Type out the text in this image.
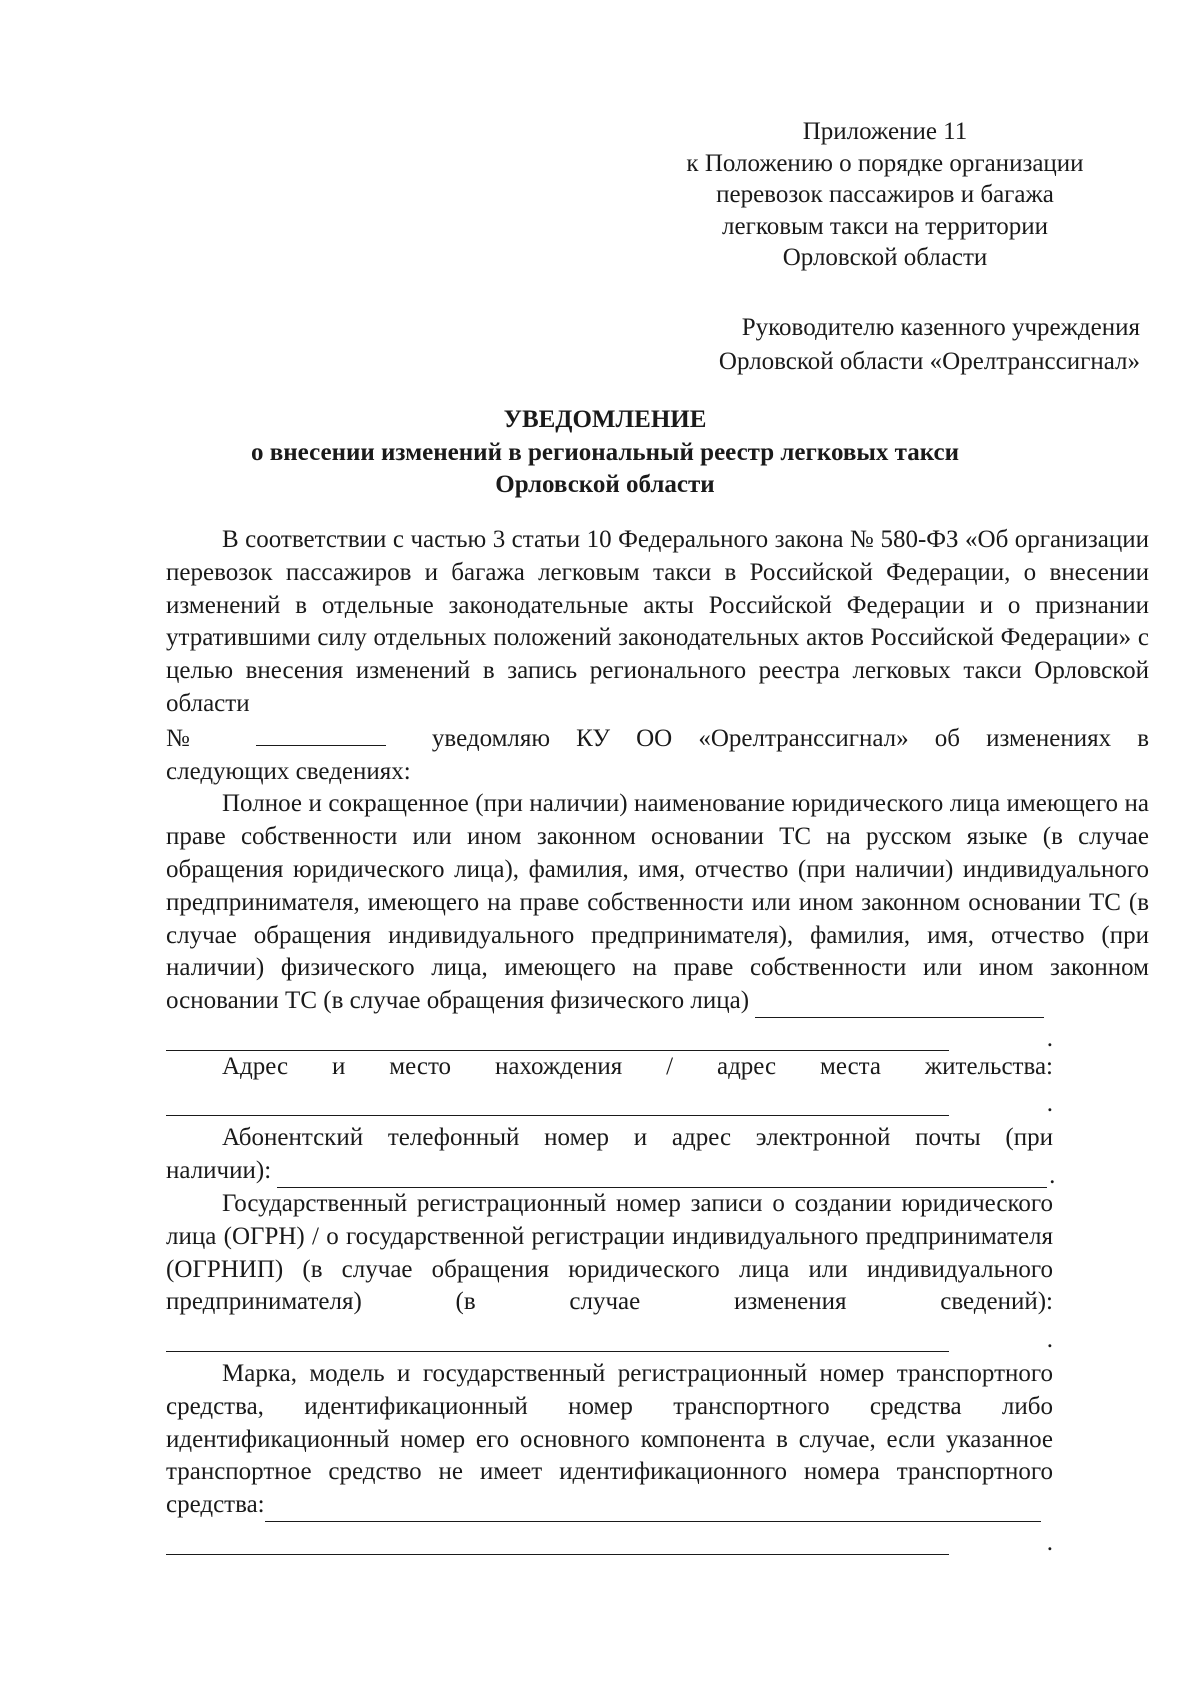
Приложение 11
к Положению о порядке организации
перевозок пассажиров и багажа
легковым такси на территории
Орловской области
Руководителю казенного учреждения
Орловской области «Орелтранссигнал»
УВЕДОМЛЕНИЕ
о внесении изменений в региональный реестр легковых такси
Орловской области

В соответствии с частью 3 статьи 10 Федерального закона № 580-ФЗ «Об организации перевозок пассажиров и багажа легковым такси в Российской Федерации, о внесении изменений в отдельные законодательные акты Российской Федерации и о признании утратившими силу отдельных положений законодательных актов Российской Федерации» с целью внесения изменений в запись регионального реестра легковых такси Орловской области

№	уведомляю КУ ОО «Орелтранссигнал» об изменениях в
следующих сведениях:

Полное и сокращенное (при наличии) наименование юридического лица имеющего на праве собственности или ином законном основании ТС на русском языке (в случае обращения юридического лица), фамилия, имя, отчество (при наличии) индивидуального предпринимателя, имеющего на праве собственности или ином законном основании ТС (в случае обращения индивидуального предпринимателя), фамилия, имя, отчество (при наличии) физического лица, имеющего на праве собственности или ином законном

основании ТС (в случае обращения физического лица)
.

Адрес и место нахождения / адрес места жительства:

.

Абонентский телефонный номер и адрес электронной почты (при

наличии):	.

Государственный регистрационный номер записи о создании юридического лица (ОГРН) / о государственной регистрации индивидуального предпринимателя (ОГРНИП) (в случае обращения юридического лица или индивидуального предпринимателя) (в случае изменения сведений):

.

Марка, модель и государственный регистрационный номер транспортного средства, идентификационный номер транспортного средства либо идентификационный номер его основного компонента в случае, если указанное транспортное средство не имеет идентификационного номера транспортного

средства:
.
